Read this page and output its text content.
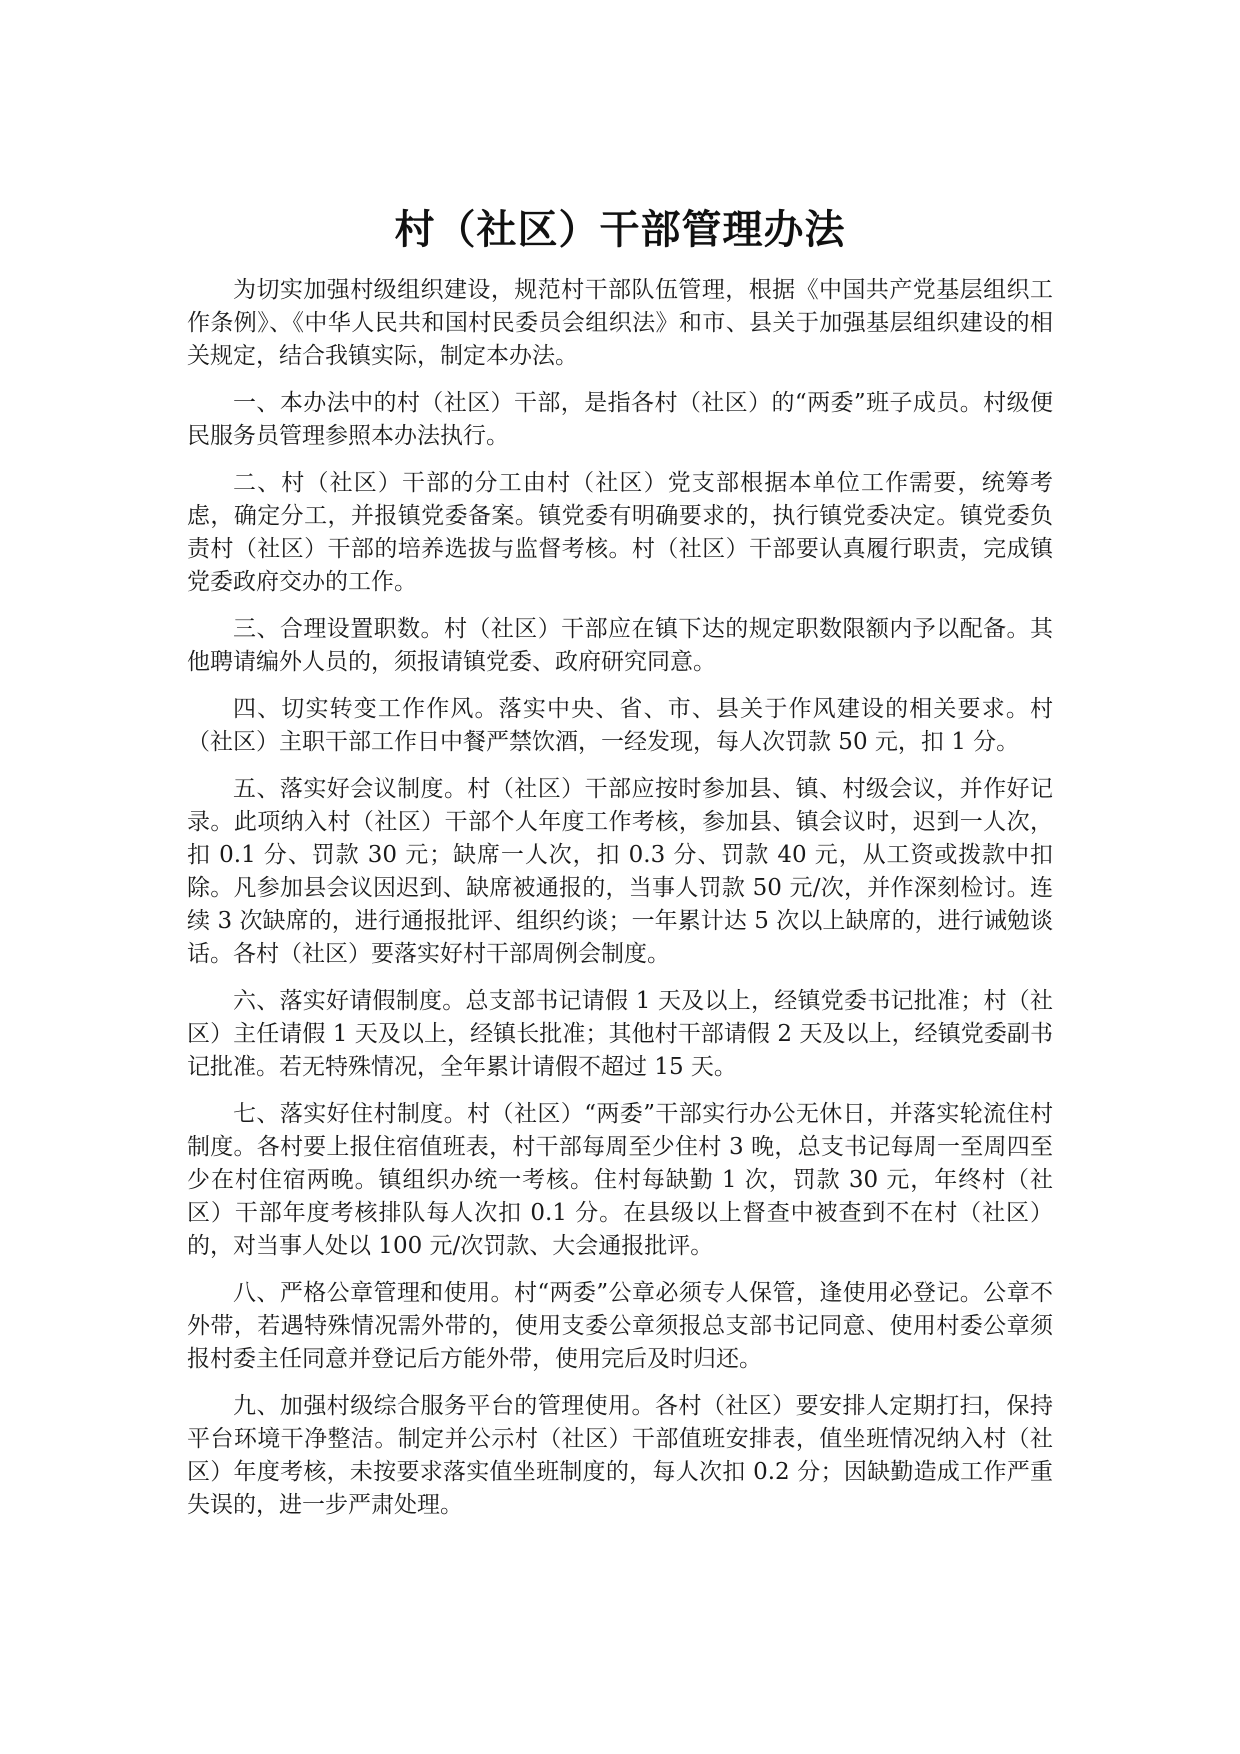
村（社区）干部管理办法

为切实加强村级组织建设，规范村干部队伍管理，根据《中国共产党基层组织工作条例》、《中华人民共和国村民委员会组织法》和市、县关于加强基层组织建设的相关规定，结合我镇实际，制定本办法。

一、本办法中的村（社区）干部，是指各村（社区）的“两委”班子成员。村级便民服务员管理参照本办法执行。

二、村（社区）干部的分工由村（社区）党支部根据本单位工作需要，统筹考虑，确定分工，并报镇党委备案。镇党委有明确要求的，执行镇党委决定。镇党委负责村（社区）干部的培养选拔与监督考核。村（社区）干部要认真履行职责，完成镇党委政府交办的工作。

三、合理设置职数。村（社区）干部应在镇下达的规定职数限额内予以配备。其他聘请编外人员的，须报请镇党委、政府研究同意。

四、切实转变工作作风。落实中央、省、市、县关于作风建设的相关要求。村（社区）主职干部工作日中餐严禁饮酒，一经发现，每人次罚款 50 元，扣 1 分。

五、落实好会议制度。村（社区）干部应按时参加县、镇、村级会议，并作好记录。此项纳入村（社区）干部个人年度工作考核，参加县、镇会议时，迟到一人次，扣 0.1 分、罚款 30 元；缺席一人次，扣 0.3 分、罚款 40 元，从工资或拨款中扣除。凡参加县会议因迟到、缺席被通报的，当事人罚款 50 元/次，并作深刻检讨。连续 3 次缺席的，进行通报批评、组织约谈；一年累计达 5 次以上缺席的，进行诫勉谈话。各村（社区）要落实好村干部周例会制度。

六、落实好请假制度。总支部书记请假 1 天及以上，经镇党委书记批准；村（社区）主任请假 1 天及以上，经镇长批准；其他村干部请假 2 天及以上，经镇党委副书记批准。若无特殊情况，全年累计请假不超过 15 天。

七、落实好住村制度。村（社区）“两委”干部实行办公无休日，并落实轮流住村制度。各村要上报住宿值班表，村干部每周至少住村 3 晚，总支书记每周一至周四至少在村住宿两晚。镇组织办统一考核。住村每缺勤 1 次，罚款 30 元，年终村（社区）干部年度考核排队每人次扣 0.1 分。在县级以上督查中被查到不在村（社区）的，对当事人处以 100 元/次罚款、大会通报批评。

八、严格公章管理和使用。村“两委”公章必须专人保管，逢使用必登记。公章不外带，若遇特殊情况需外带的，使用支委公章须报总支部书记同意、使用村委公章须报村委主任同意并登记后方能外带，使用完后及时归还。

九、加强村级综合服务平台的管理使用。各村（社区）要安排人定期打扫，保持平台环境干净整洁。制定并公示村（社区）干部值班安排表，值坐班情况纳入村（社区）年度考核，未按要求落实值坐班制度的，每人次扣 0.2 分；因缺勤造成工作严重失误的，进一步严肃处理。
